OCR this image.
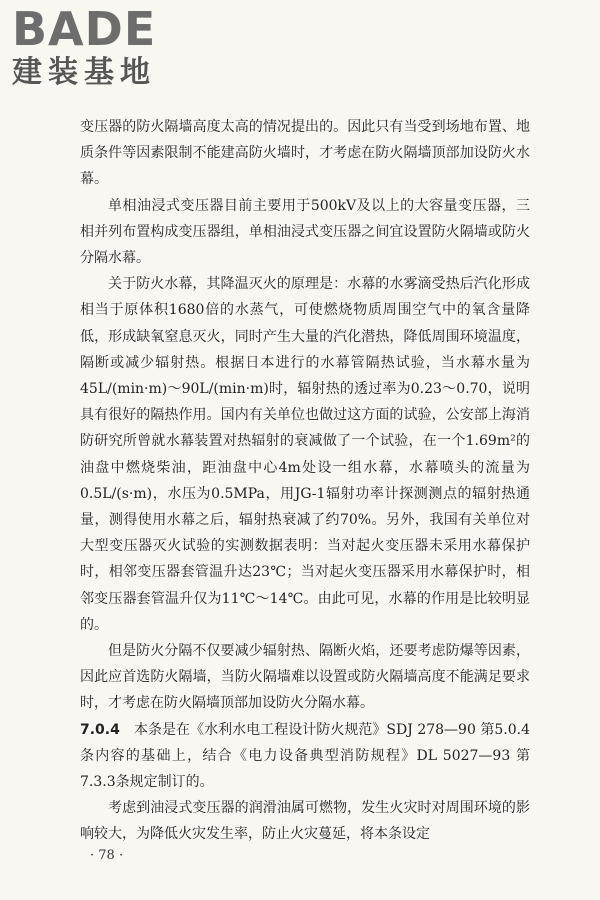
BADE
建装基地

变压器的防火隔墙高度太高的情况提出的。因此只有当受到场地布置、地质条件等因素限制不能建高防火墙时，才考虑在防火隔墙顶部加设防火水幕。

单相油浸式变压器目前主要用于500kV及以上的大容量变压器，三相并列布置构成变压器组，单相油浸式变压器之间宜设置防火隔墙或防火分隔水幕。

关于防火水幕，其降温灭火的原理是：水幕的水雾滴受热后汽化形成相当于原体积1680倍的水蒸气，可使燃烧物质周围空气中的氧含量降低，形成缺氧窒息灭火，同时产生大量的汽化潜热，降低周围环境温度，隔断或减少辐射热。根据日本进行的水幕管隔热试验，当水幕水量为45L/(min·m)～90L/(min·m)时，辐射热的透过率为0.23～0.70，说明具有很好的隔热作用。国内有关单位也做过这方面的试验，公安部上海消防研究所曾就水幕装置对热辐射的衰减做了一个试验，在一个1.69m²的油盘中燃烧柴油，距油盘中心4m处设一组水幕，水幕喷头的流量为0.5L/(s·m)，水压为0.5MPa，用JG-1辐射功率计探测测点的辐射热通量，测得使用水幕之后，辐射热衰减了约70%。另外，我国有关单位对大型变压器灭火试验的实测数据表明：当对起火变压器未采用水幕保护时，相邻变压器套管温升达23℃；当对起火变压器采用水幕保护时，相邻变压器套管温升仅为11℃～14℃。由此可见，水幕的作用是比较明显的。

但是防火分隔不仅要减少辐射热、隔断火焰，还要考虑防爆等因素，因此应首选防火隔墙，当防火隔墙难以设置或防火隔墙高度不能满足要求时，才考虑在防火隔墙顶部加设防火分隔水幕。

7.0.4　 本条是在《水利水电工程设计防火规范》SDJ 278—90 第5.0.4条内容的基础上，结合《电力设备典型消防规程》DL 5027—93 第7.3.3条规定制订的。

考虑到油浸式变压器的润滑油属可燃物，发生火灾时对周围环境的影响较大，为降低火灾发生率，防止火灾蔓延，将本条设定

· 78 ·
